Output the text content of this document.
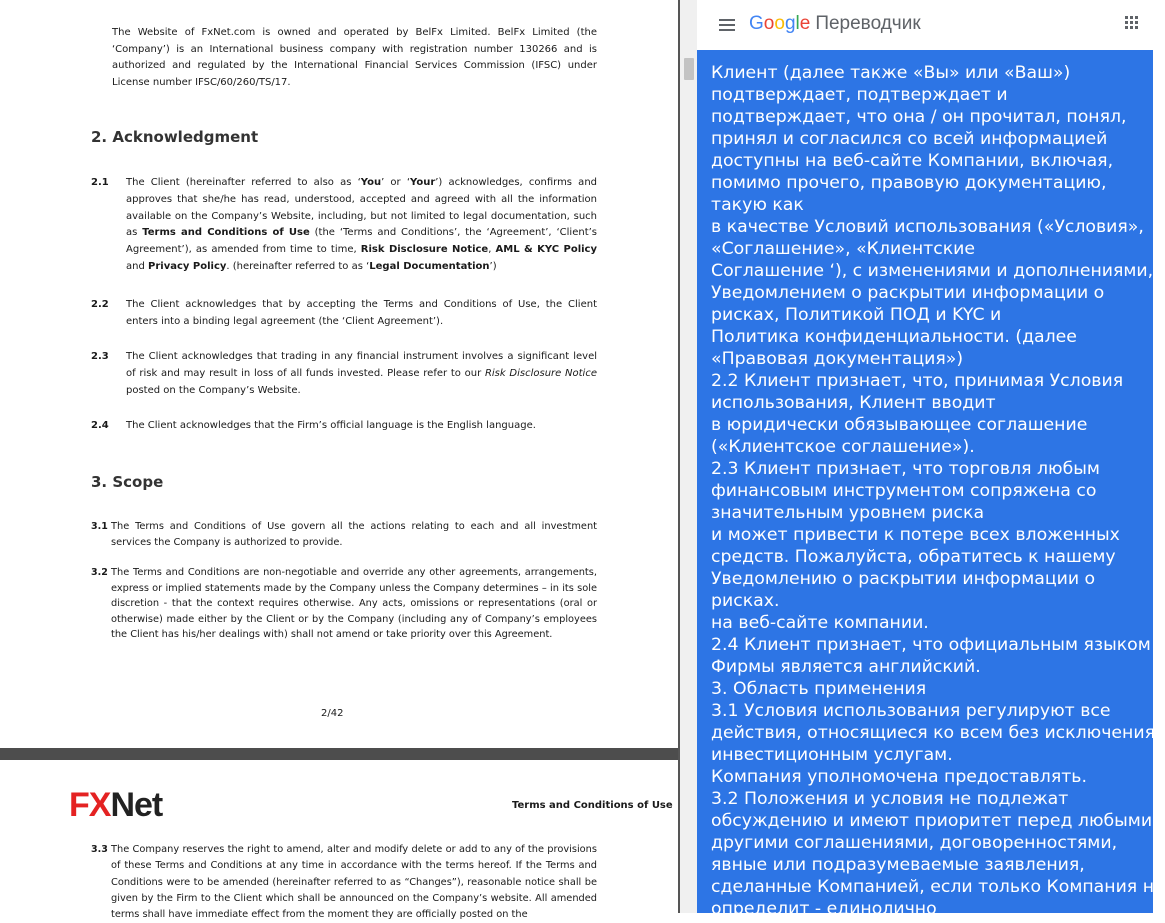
The Website of FxNet.com is owned and operated by BelFx Limited. BelFx Limited (the ‘Company’) is an International business company with registration number 130266 and is authorized and regulated by the International Financial Services Commission (IFSC) under License number IFSC/60/260/TS/17.

2. Acknowledgment
2.1 The Client (hereinafter referred to also as ‘You’ or ‘Your’) acknowledges, confirms and approves that she/he has read, understood, accepted and agreed with all the information available on the Company’s Website, including, but not limited to legal documentation, such as Terms and Conditions of Use (the ‘Terms and Conditions’, the ‘Agreement’, ‘Client’s Agreement’), as amended from time to time, Risk Disclosure Notice, AML & KYC Policy and Privacy Policy. (hereinafter referred to as ‘Legal Documentation’)

2.2 The Client acknowledges that by accepting the Terms and Conditions of Use, the Client enters into a binding legal agreement (the ‘Client Agreement’).

2.3 The Client acknowledges that trading in any financial instrument involves a significant level of risk and may result in loss of all funds invested. Please refer to our Risk Disclosure Notice posted on the Company’s Website.

2.4 The Client acknowledges that the Firm’s official language is the English language.

3. Scope
3.1 The Terms and Conditions of Use govern all the actions relating to each and all investment services the Company is authorized to provide.

3.2 The Terms and Conditions are non-negotiable and override any other agreements, arrangements, express or implied statements made by the Company unless the Company determines – in its sole discretion - that the context requires otherwise. Any acts, omissions or representations (oral or otherwise) made either by the Client or by the Company (including any of Company’s employees the Client has his/her dealings with) shall not amend or take priority over this Agreement.

2/42
FXNet	Terms and Conditions of Use
3.3 The Company reserves the right to amend, alter and modify delete or add to any of the provisions of these Terms and Conditions at any time in accordance with the terms hereof. If the Terms and Conditions were to be amended (hereinafter referred to as “Changes”), reasonable notice shall be given by the Firm to the Client which shall be announced on the Company’s website. All amended terms shall have immediate effect from the moment they are officially posted on the

Google Переводчик
Клиент (далее также «Вы» или «Ваш»)
подтверждает, подтверждает и
подтверждает, что она / он прочитал, понял,
принял и согласился со всей информацией
доступны на веб-сайте Компании, включая,
помимо прочего, правовую документацию,
такую как
в качестве Условий использования («Условия»,
«Соглашение», «Клиентские
Соглашение ‘), с изменениями и дополнениями,
Уведомлением о раскрытии информации о
рисках, Политикой ПОД и KYC и
Политика конфиденциальности. (далее
«Правовая документация»)
2.2 Клиент признает, что, принимая Условия
использования, Клиент вводит
в юридически обязывающее соглашение
(«Клиентское соглашение»).
2.3 Клиент признает, что торговля любым
финансовым инструментом сопряжена со
значительным уровнем риска
и может привести к потере всех вложенных
средств. Пожалуйста, обратитесь к нашему
Уведомлению о раскрытии информации о
рисках.
на веб-сайте компании.
2.4 Клиент признает, что официальным языком
Фирмы является английский.
3. Область применения
3.1 Условия использования регулируют все
действия, относящиеся ко всем без исключения
инвестиционным услугам.
Компания уполномочена предоставлять.
3.2 Положения и условия не подлежат
обсуждению и имеют приоритет перед любыми
другими соглашениями, договоренностями,
явные или подразумеваемые заявления,
сделанные Компанией, если только Компания не
определит - единолично
